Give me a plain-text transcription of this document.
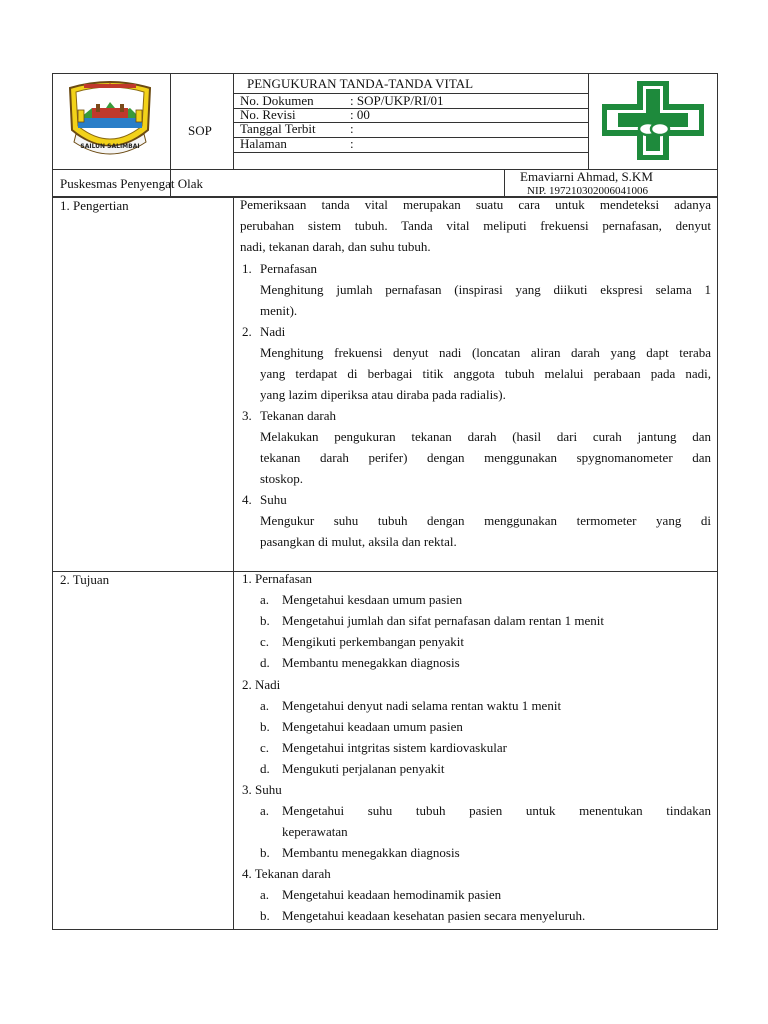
SAILUN SALIMBAI
SOP
PENGUKURAN TANDA-TANDA VITAL
No. Dokumen	: SOP/UKP/RI/01
No. Revisi	: 00
Tanggal Terbit	:
Halaman	:
Puskesmas Penyengat Olak	Emaviarni Ahmad, S.KM
NIP. 197210302006041006
1. Pengertian	Pemeriksaan tanda vital merupakan suatu cara untuk mendeteksi adanya
perubahan sistem tubuh. Tanda vital meliputi frekuensi pernafasan, denyut
nadi, tekanan darah, dan suhu tubuh.
1. Pernafasan
Menghitung jumlah pernafasan (inspirasi yang diikuti ekspresi selama 1
menit).
2. Nadi
Menghitung frekuensi denyut nadi (loncatan aliran darah yang dapt teraba
yang terdapat di berbagai titik anggota tubuh melalui perabaan pada nadi,
yang lazim diperiksa atau diraba pada radialis).
3. Tekanan darah
Melakukan pengukuran tekanan darah (hasil dari curah jantung dan
tekanan darah perifer) dengan menggunakan spygnomanometer dan
stoskop.
4. Suhu
Mengukur suhu tubuh dengan menggunakan termometer yang di
pasangkan di mulut, aksila dan rektal.
2. Tujuan	1. Pernafasan
a. Mengetahui kesdaan umum pasien
b. Mengetahui jumlah dan sifat pernafasan dalam rentan 1 menit
c. Mengikuti perkembangan penyakit
d. Membantu menegakkan diagnosis
2. Nadi
a. Mengetahui denyut nadi selama rentan waktu 1 menit
b. Mengetahui keadaan umum pasien
c. Mengetahui intgritas sistem kardiovaskular
d. Mengukuti perjalanan penyakit
3. Suhu
a. Mengetahui suhu tubuh pasien untuk menentukan tindakan
keperawatan
b. Membantu menegakkan diagnosis
4. Tekanan darah
a. Mengetahui keadaan hemodinamik pasien
b. Mengetahui keadaan kesehatan pasien secara menyeluruh.
